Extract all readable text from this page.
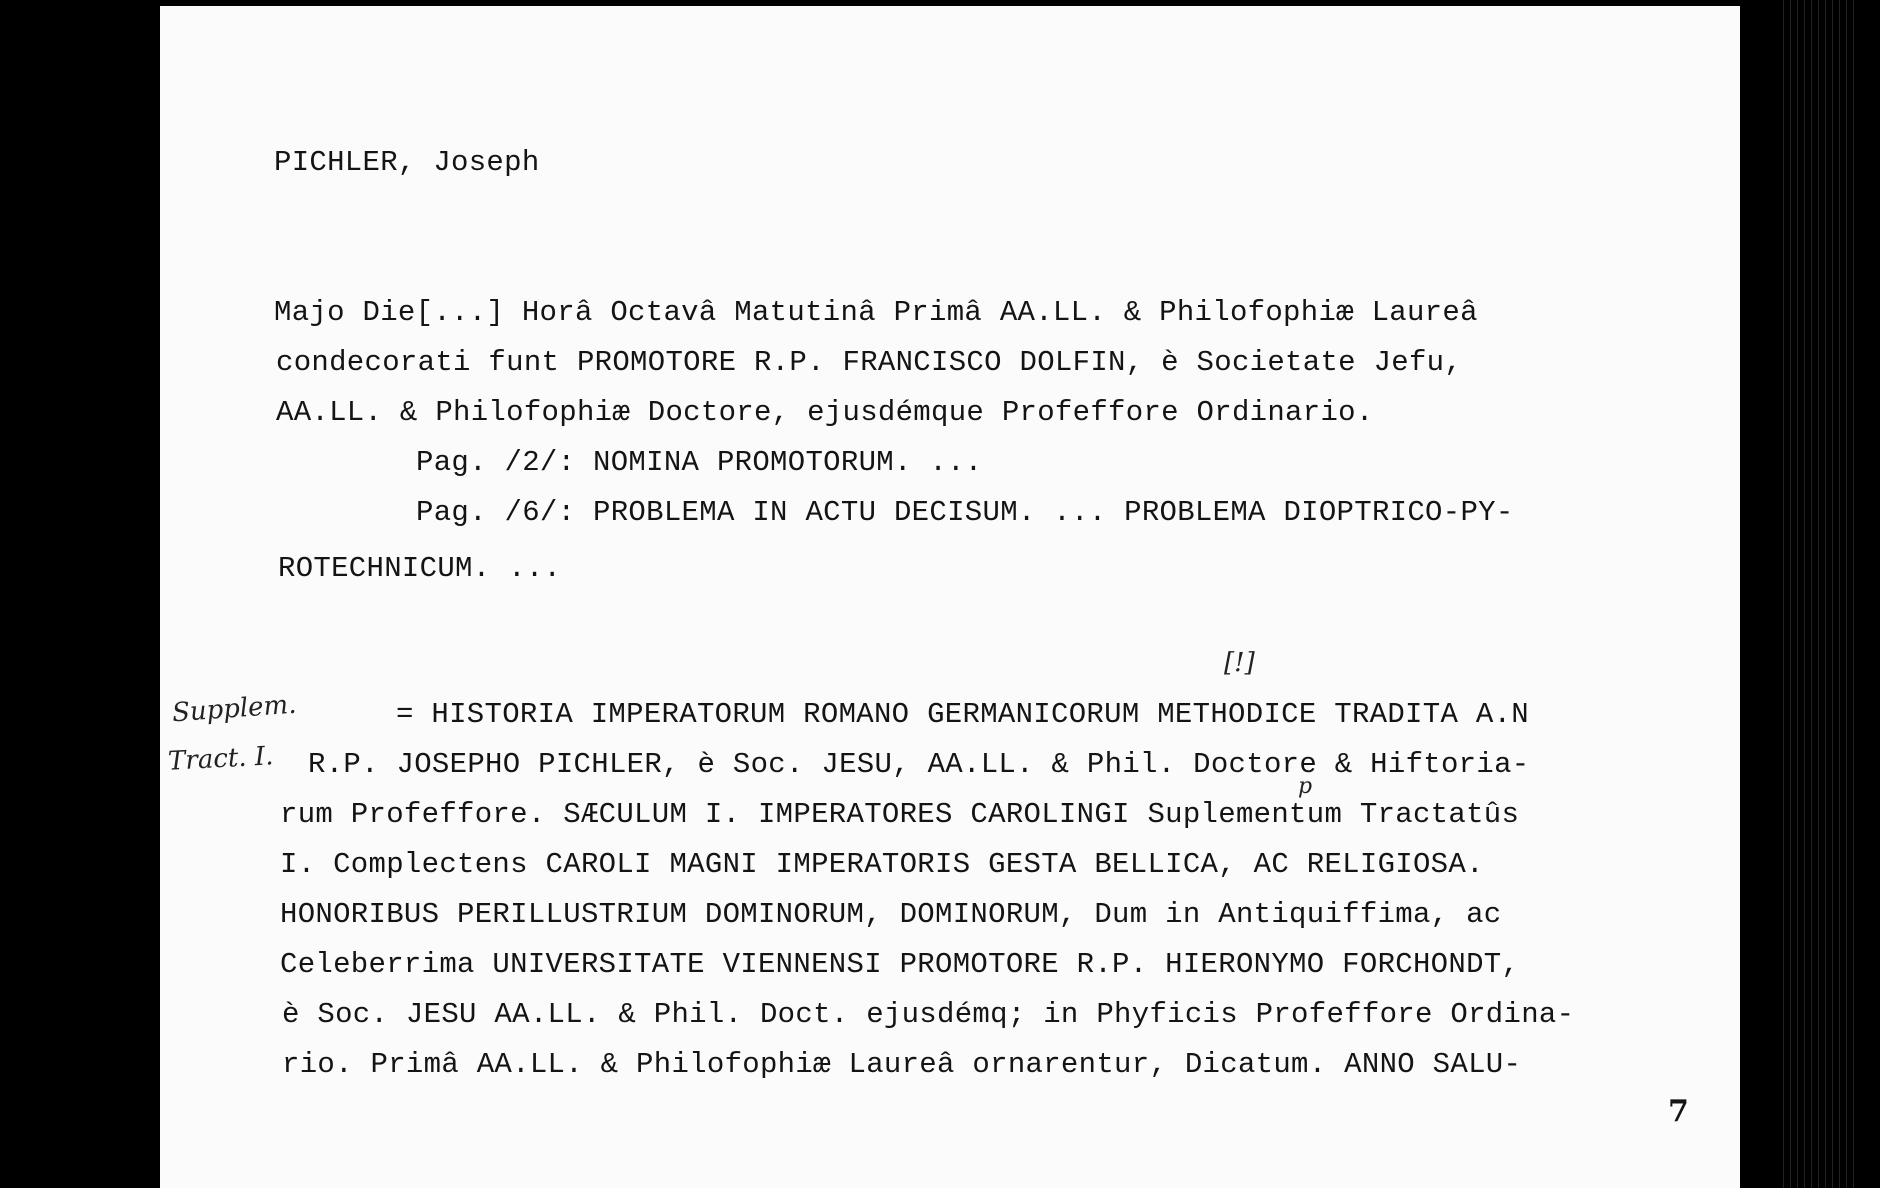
PICHLER, Joseph
Majo Die[...] Horâ Octavâ Matutinâ Primâ AA.LL. & Philofophiæ Laureâ
condecorati funt PROMOTORE R.P. FRANCISCO DOLFIN, è Societate Jefu,
AA.LL. & Philofophiæ Doctore, ejusdémque Profeffore Ordinario.
Pag. /2/: NOMINA PROMOTORUM. ...
Pag. /6/: PROBLEMA IN ACTU DECISUM. ... PROBLEMA DIOPTRICO-PY-
ROTECHNICUM. ...
[!]
p
Supplem.
Tract. I.
= HISTORIA IMPERATORUM ROMANO GERMANICORUM METHODICE TRADITA A.N
R.P. JOSEPHO PICHLER, è Soc. JESU, AA.LL. & Phil. Doctore & Hiftoria-
rum Profeffore. SÆCULUM I. IMPERATORES CAROLINGI Suplementum Tractatûs
I. Complectens CAROLI MAGNI IMPERATORIS GESTA BELLICA, AC RELIGIOSA.
HONORIBUS PERILLUSTRIUM DOMINORUM, DOMINORUM, Dum in Antiquiffima, ac
Celeberrima UNIVERSITATE VIENNENSI PROMOTORE R.P. HIERONYMO FORCHONDT,
è Soc. JESU AA.LL. & Phil. Doct. ejusdémq; in Phyficis Profeffore Ordina-
rio. Primâ AA.LL. & Philofophiæ Laureâ ornarentur, Dicatum. ANNO SALU-
7
